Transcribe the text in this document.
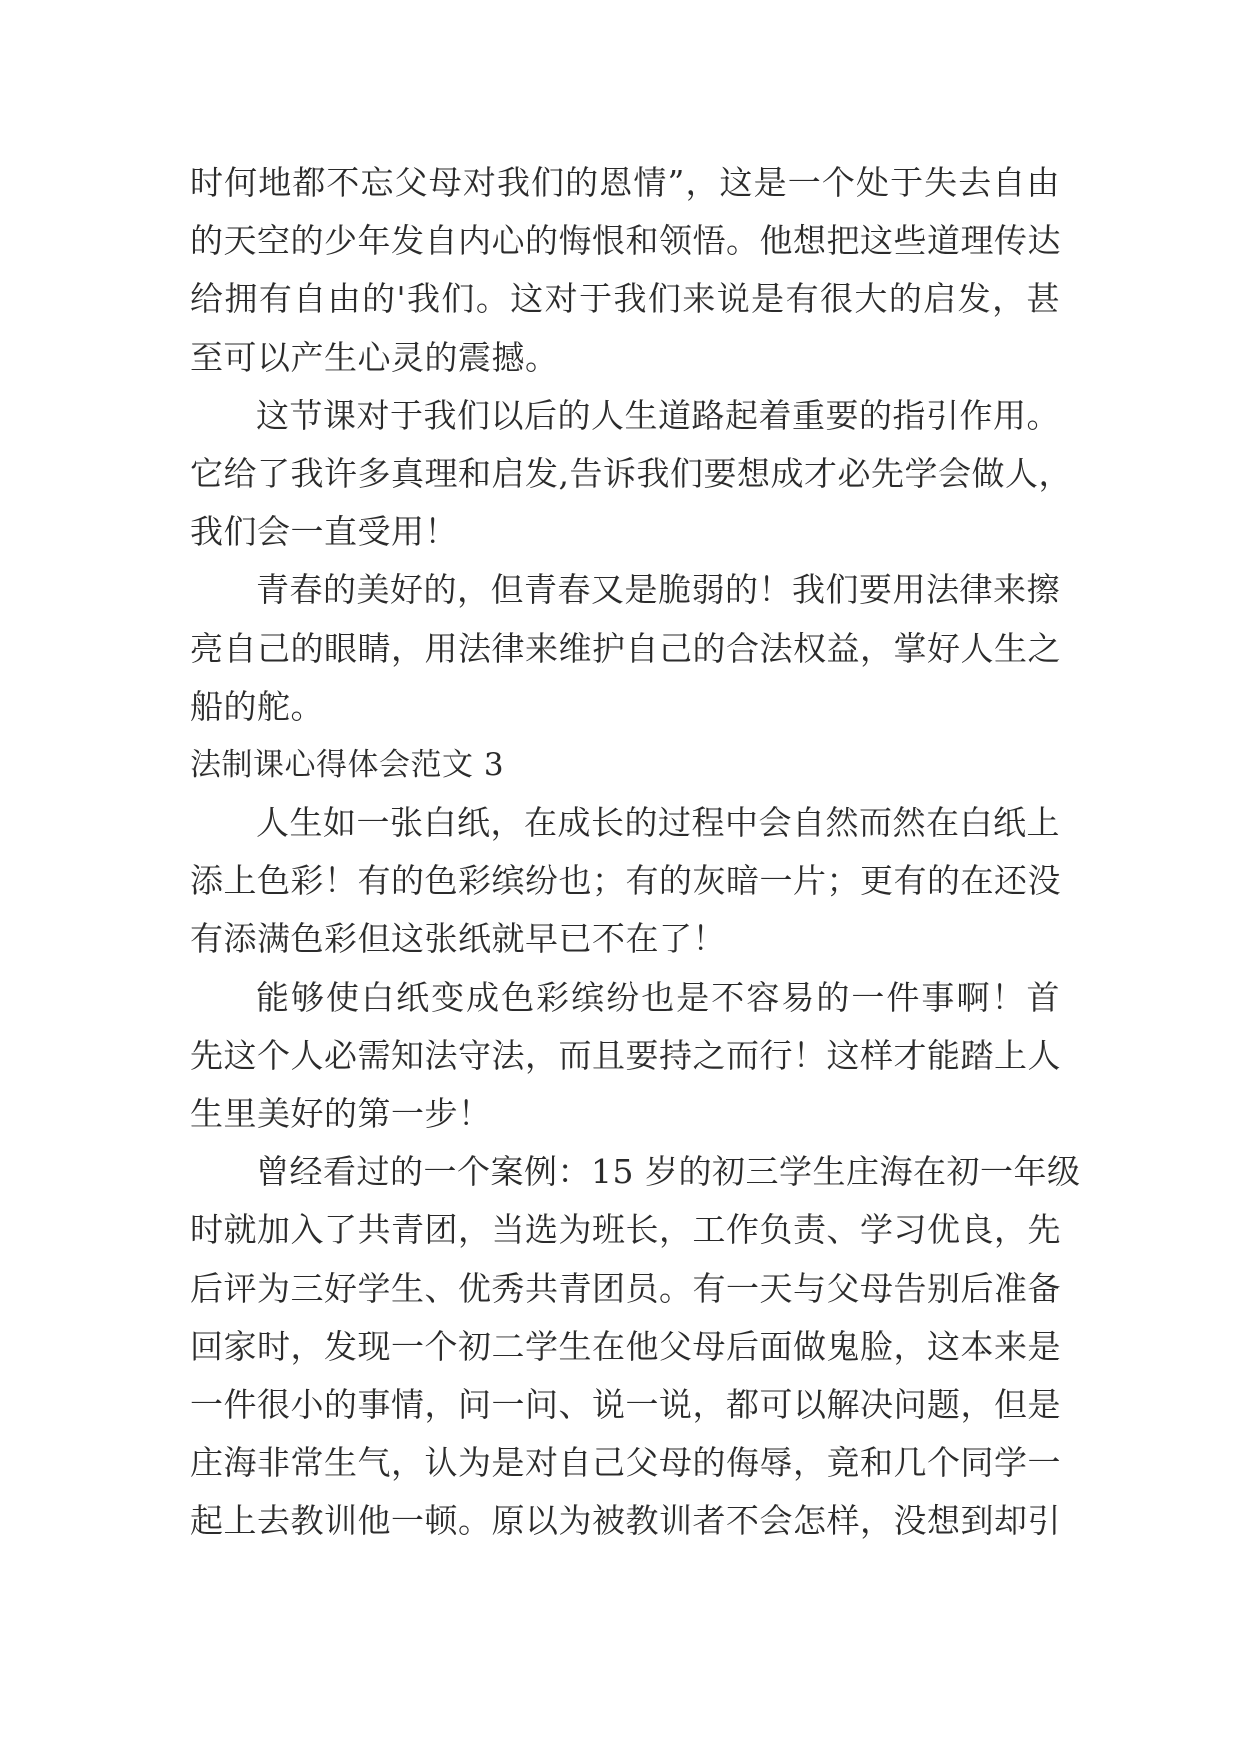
时何地都不忘父母对我们的恩情”，这是一个处于失去自由
的天空的少年发自内心的悔恨和领悟。他想把这些道理传达
给拥有自由的'我们。这对于我们来说是有很大的启发，甚
至可以产生心灵的震撼。
这节课对于我们以后的人生道路起着重要的指引作用。
它给了我许多真理和启发,告诉我们要想成才必先学会做人，
我们会一直受用！
青春的美好的，但青春又是脆弱的！我们要用法律来擦
亮自己的眼睛，用法律来维护自己的合法权益，掌好人生之
船的舵。
法制课心得体会范文 3
人生如一张白纸，在成长的过程中会自然而然在白纸上
添上色彩！有的色彩缤纷也；有的灰暗一片；更有的在还没
有添满色彩但这张纸就早已不在了！
能够使白纸变成色彩缤纷也是不容易的一件事啊！首
先这个人必需知法守法，而且要持之而行！这样才能踏上人
生里美好的第一步！
曾经看过的一个案例：15 岁的初三学生庄海在初一年级
时就加入了共青团，当选为班长，工作负责、学习优良，先
后评为三好学生、优秀共青团员。有一天与父母告别后准备
回家时，发现一个初二学生在他父母后面做鬼脸，这本来是
一件很小的事情，问一问、说一说，都可以解决问题，但是
庄海非常生气，认为是对自己父母的侮辱，竟和几个同学一
起上去教训他一顿。原以为被教训者不会怎样，没想到却引
